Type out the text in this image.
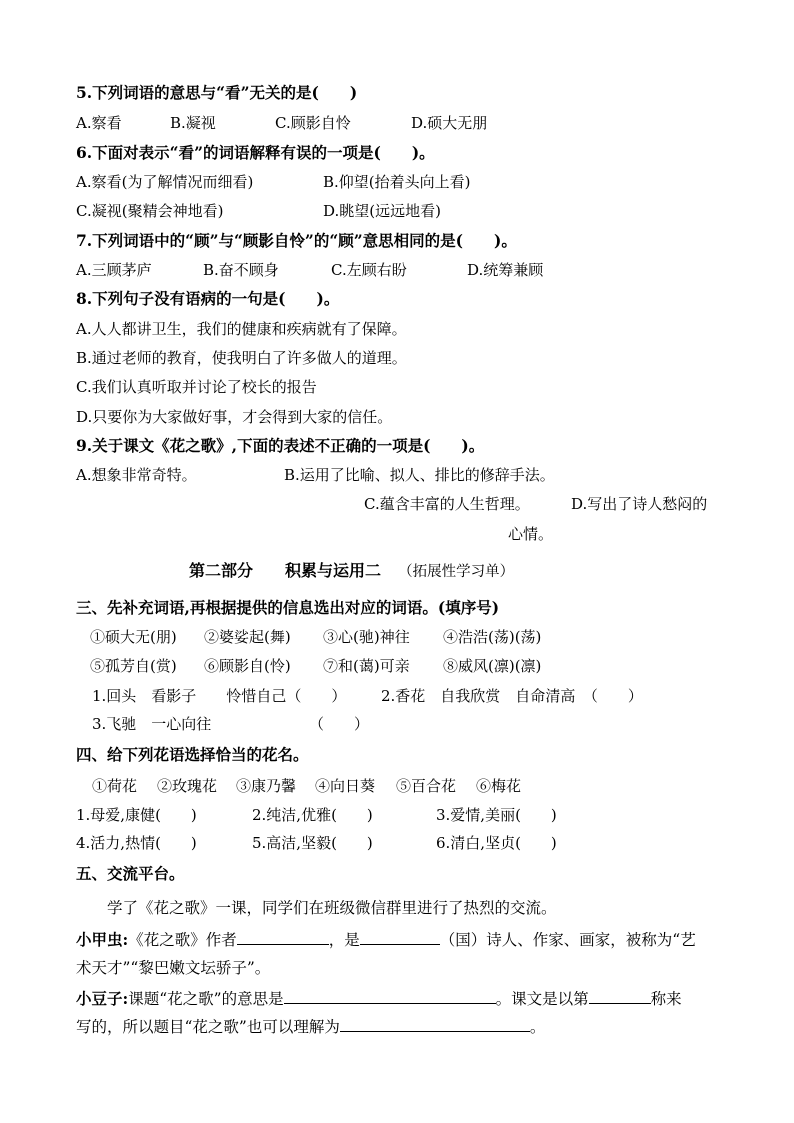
5.下列词语的意思与“看”无关的是(　　)
A.察看	B.凝视	C.顾影自怜	D.硕大无朋
6.下面对表示“看”的词语解释有误的一项是(　　)。
A.察看(为了解情况而细看)	B.仰望(抬着头向上看)
C.凝视(聚精会神地看)	D.眺望(远远地看)
7.下列词语中的“顾”与“顾影自怜”的“顾”意思相同的是(　　)。
A.三顾茅庐	B.奋不顾身	C.左顾右盼	D.统筹兼顾
8.下列句子没有语病的一句是(　　)。
A.人人都讲卫生，我们的健康和疾病就有了保障。
B.通过老师的教育，使我明白了许多做人的道理。
C.我们认真听取并讨论了校长的报告
D.只要你为大家做好事，才会得到大家的信任。
9.关于课文《花之歌》,下面的表述不正确的一项是(　　)。
A.想象非常奇特。	B.运用了比喻、拟人、排比的修辞手法。
C.蕴含丰富的人生哲理。	D.写出了诗人愁闷的
心情。
第二部分　　积累与运用二 （拓展性学习单）
三、先补充词语,再根据提供的信息选出对应的词语。(填序号)
①硕大无(朋) ②婆娑起(舞) ③心(驰)神往 ④浩浩(荡)(荡)
⑤孤芳自(赏) ⑥顾影自(怜) ⑦和(蔼)可亲 ⑧威风(凛)(凛)
1.回头　看影子　　怜惜自己（　　） 2.香花　自我欣赏　自命清高　（　　）
3.飞驰　一心向往	（　　）
四、给下列花语选择恰当的花名。
①荷花 ②玫瑰花 ③康乃馨 ④向日葵 ⑤百合花 ⑥梅花
1.母爱,康健(　　)	2.纯洁,优雅(　　)	3.爱情,美丽(　　)
4.活力,热情(　　)	5.高洁,坚毅(　　)	6.清白,坚贞(　　)
五、交流平台。
学了《花之歌》一课，同学们在班级微信群里进行了热烈的交流。
小甲虫:《花之歌》作者	，是	（国）诗人、作家、画家，被称为“艺
术天才”“黎巴嫩文坛骄子”。
小豆子:课题“花之歌”的意思是	。课文是以第	称来
写的，所以题目“花之歌”也可以理解为	。
